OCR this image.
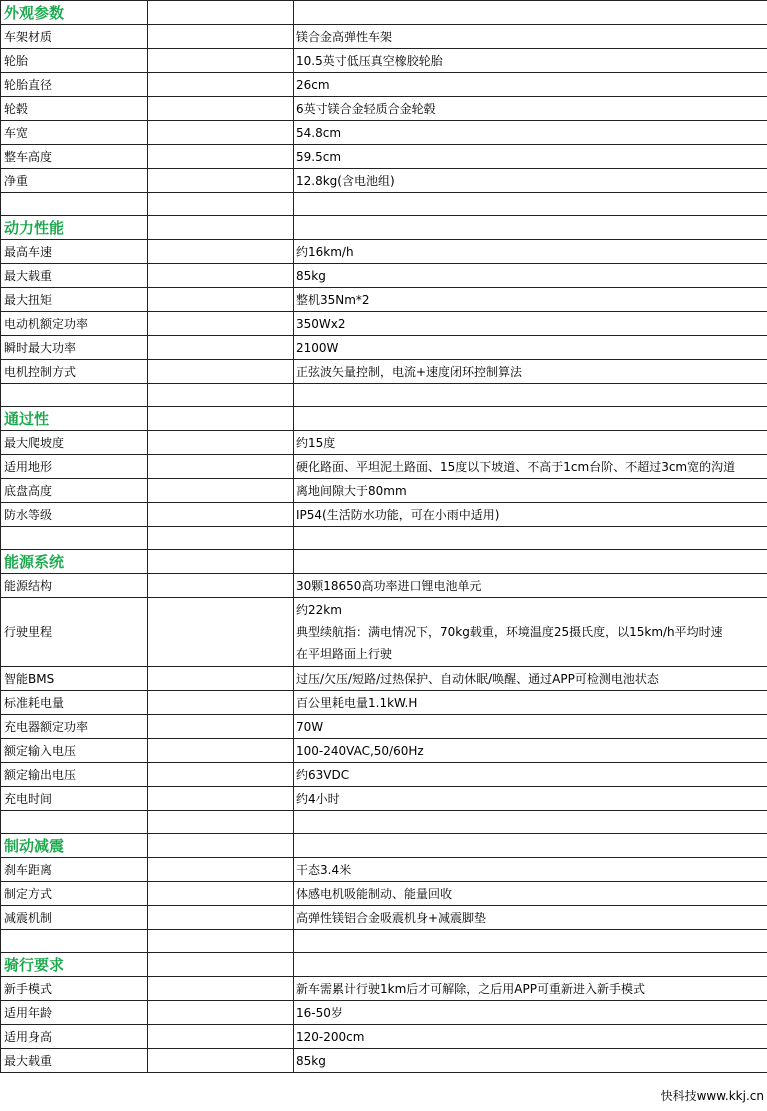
外观参数		
车架材质		镁合金高弹性车架
轮胎		10.5英寸低压真空橡胶轮胎
轮胎直径		26cm
轮毂		6英寸镁合金轻质合金轮毂
车宽		54.8cm
整车高度		59.5cm
净重		12.8kg(含电池组)

动力性能		
最高车速		约16km/h
最大载重		85kg
最大扭矩		整机35Nm*2
电动机额定功率		350Wx2
瞬时最大功率		2100W
电机控制方式		正弦波矢量控制，电流+速度闭环控制算法

通过性		
最大爬坡度		约15度
适用地形		硬化路面、平坦泥土路面、15度以下坡道、不高于1cm台阶、不超过3cm宽的沟道
底盘高度		离地间隙大于80mm
防水等级		IP54(生活防水功能，可在小雨中适用)

能源系统		
能源结构		30颗18650高功率进口锂电池单元
行驶里程		约22km
典型续航指：满电情况下，70kg载重，环境温度25摄氏度，以15km/h平均时速
在平坦路面上行驶

智能BMS		过压/欠压/短路/过热保护、自动休眠/唤醒、通过APP可检测电池状态
标准耗电量		百公里耗电量1.1kW.H
充电器额定功率		70W
额定输入电压		100-240VAC,50/60Hz
额定输出电压		约63VDC
充电时间		约4小时

制动减震		
刹车距离		干态3.4米
制定方式		体感电机吸能制动、能量回收
减震机制		高弹性镁铝合金吸震机身+减震脚垫

骑行要求		
新手模式		新车需累计行驶1km后才可解除，之后用APP可重新进入新手模式
适用年龄		16-50岁
适用身高		120-200cm
最大载重		85kg
快科技www.kkj.cn
